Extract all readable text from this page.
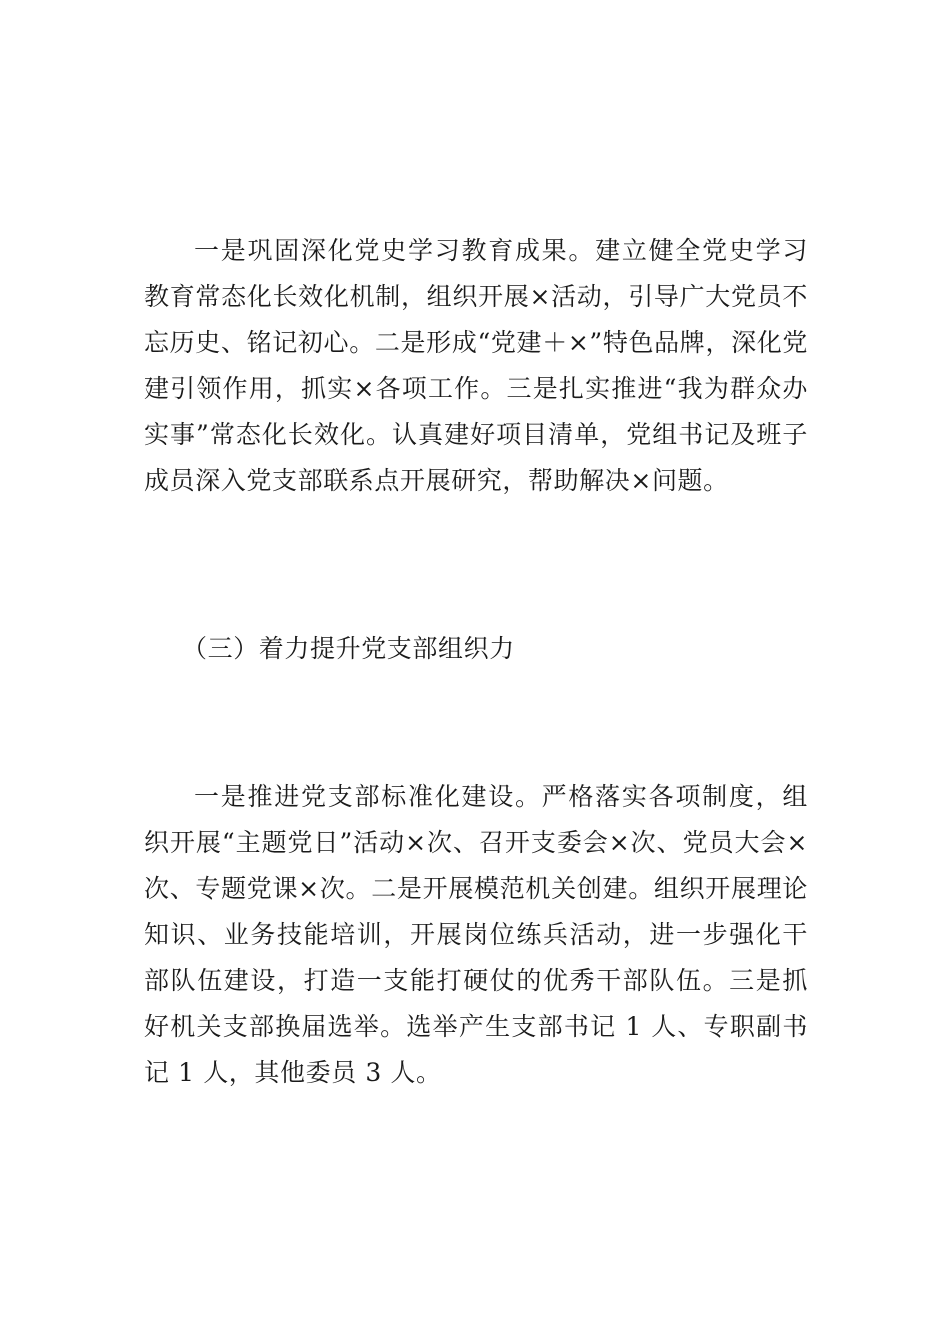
一是巩固深化党史学习教育成果。建立健全党史学习教育常态化长效化机制，组织开展×活动，引导广大党员不忘历史、铭记初心。二是形成“党建＋×”特色品牌，深化党建引领作用，抓实×各项工作。三是扎实推进“我为群众办实事”常态化长效化。认真建好项目清单，党组书记及班子成员深入党支部联系点开展研究，帮助解决×问题。

（三）着力提升党支部组织力

一是推进党支部标准化建设。严格落实各项制度，组织开展“主题党日”活动×次、召开支委会×次、党员大会×次、专题党课×次。二是开展模范机关创建。组织开展理论知识、业务技能培训，开展岗位练兵活动，进一步强化干部队伍建设，打造一支能打硬仗的优秀干部队伍。三是抓好机关支部换届选举。选举产生支部书记 1 人、专职副书记 1 人，其他委员 3 人。
